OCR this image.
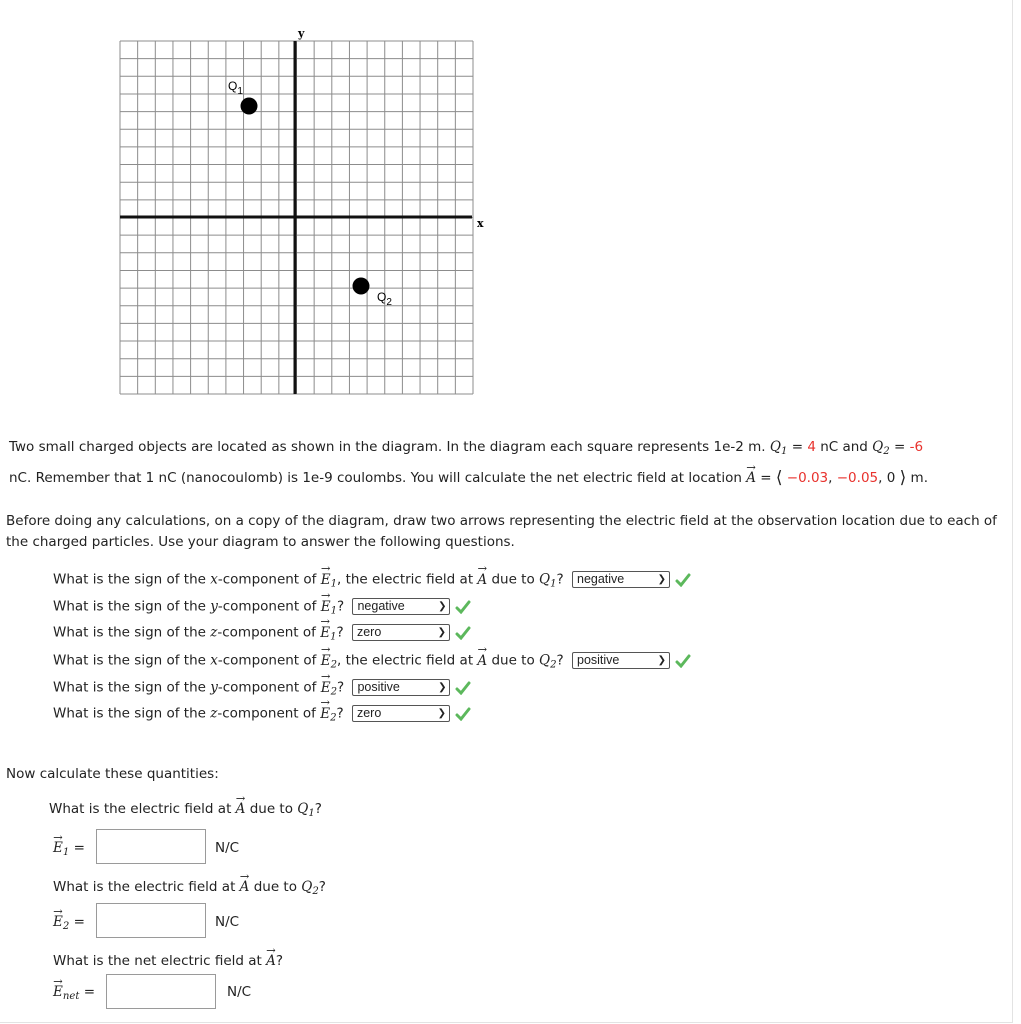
x
y
$Q_1$
$Q_2$
Two small charged objects are located as shown in the diagram. In the diagram each square represents 1e-2 m. $Q_1 = 4$ nC and $Q_2 = -6$
nC. Remember that 1 nC (nanocoulomb) is 1e-9 coulombs. You will calculate the net electric field at location → A = ⟨ −0.03, −0.05, 0 ⟩ m.
Before doing any calculations, on a copy of the diagram, draw two arrows representing the electric field at the observation location due to each of the charged particles. Use your diagram to answer the following questions.
What is the sign of the x-component of → $E_1$, the electric field at → A due to $Q_1$? negative	❯
What is the sign of the y-component of → $E_1$? negative	❯
What is the sign of the z-component of → $E_1$? zero	❯
What is the sign of the x-component of → $E_2$, the electric field at → A due to $Q_2$? positive	❯
What is the sign of the y-component of → $E_2$? positive	❯
What is the sign of the z-component of → $E_2$? zero	❯
Now calculate these quantities:
What is the electric field at → A due to $Q_1$?
→ $E_1$ =	N/C
What is the electric field at → A due to $Q_2$?
→ $E_2$ =	N/C
What is the net electric field at → A?
→ $E_{net}$ =	N/C
